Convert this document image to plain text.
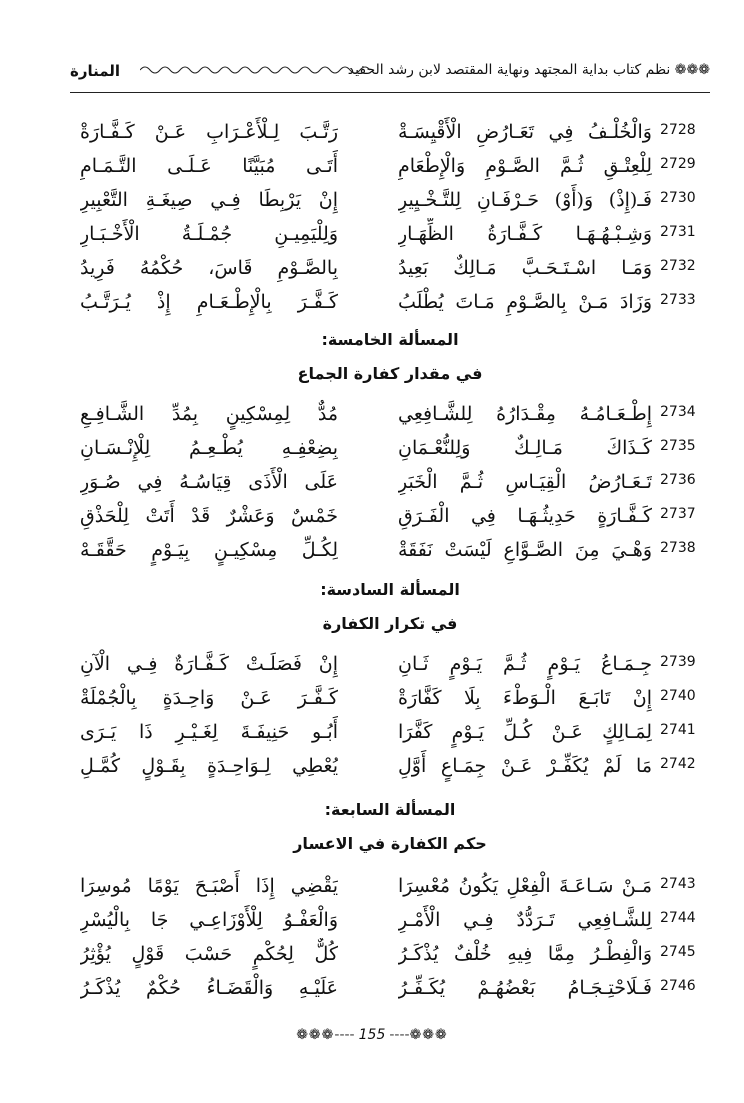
❁❁❁ نظم كتاب بداية المجتهد ونهاية المقتصد لابن رشد الحفيد
المنارة
2728
وَالْخُلْـفُ فِي تَعَـارُضِ الْأَقْيِسَـةْ
رَتَّـبَ لِـلْأَعْـرَابِ عَـنْ كَـفَّـارَةْ
2729
لِلْعِتْـقِ ثُـمَّ الصَّـوْمِ وَالْإِطْعَامِ
أَتَـى مُبَيَّنًا عَـلَـى التَّـمَـامِ
2730
فَـ(إِذْ) وَ(أَوْ) حَـرْفَـانِ لِلتَّـخْـيِيرِ
إِنْ يَرْبِطَا فِـي صِيغَـةِ التَّعْبِيرِ
2731
وَشِـبْـهُـهَـا كَـفَّـارَةُ الظِّهَـارِ
وَلِلْيَمِيـنِ جُمْـلَـةُ الْأَخْـبَـارِ
2732
وَمَـا اسْـتَـحَـبَّ مَـالِكٌ بَعِيدُ
بِالصَّـوْمِ قَاسَ، حُكْمُهُ فَرِيدُ
2733
وَزَادَ مَـنْ بِالصَّـوْمِ مَـاتَ يُطْلَبُ
كَـفَّـرَ بِالْإِطْـعَـامِ إِذْ يُـرَتَّـبُ
المسألة الخامسة:
في مقدار كفارة الجماع
2734
إِطْـعَـامُـهُ مِقْـدَارُهُ لِلشَّـافِعِي
مُدٌّ لِمِسْكِينٍ بِمُدِّ الشَّـافِـعِ
2735
كَـذَاكَ مَـالِـكٌ وَلِلنُّعْـمَانِ
بِضِعْفِـهِ يُطْـعِـمُ لِلْإِنْـسَـانِ
2736
تَـعَـارُضُ الْقِيَـاسِ ثُـمَّ الْخَبَرِ
عَلَى الْأَذَى قِيَاسُـهُ فِي صُـوَرِ
2737
كَـفَّـارَةٍ حَدِيثُـهَـا فِي الْفَـرَقِ
خَمْسٌ وَعَشْرٌ قَدْ أَتَتْ لِلْحَذْقِ
2738
وَهْـيَ مِنَ الصَّـوَّاعِ لَيْسَتْ نَفَقَةْ
لِكُـلِّ مِسْكِيـنٍ بِيَـوْمٍ حَقَّقَـهْ
المسألة السادسة:
في تكرار الكفارة
2739
جِـمَـاعُ يَـوْمٍ ثُـمَّ يَـوْمٍ ثَـانِ
إِنْ فَصَلَـتْ كَـفَّـارَةٌ فِـي الْآنِ
2740
إِنْ تَابَـعَ الْـوَطْءَ بِلَا كَفَّارَةْ
كَـفَّـرَ عَـنْ وَاحِـدَةٍ بِالْجُمْلَةْ
2741
لِمَـالِكٍ عَـنْ كُـلِّ يَـوْمٍ كَفَّرَا
أَبُـو حَنِيفَـةَ لِغَـيْـرِ ذَا يَـرَى
2742
مَا لَمْ يُكَفِّـرْ عَـنْ جِمَـاعٍ أَوَّلِ
يُعْطِي لِـوَاحِـدَةٍ بِقَـوْلٍ كُمَّـلِ
المسألة السابعة:
حكم الكفارة في الاعسار
2743
مَـنْ سَـاعَـةَ الْفِعْلِ يَكُونُ مُعْسِرَا
يَقْضِي إِذَا أَصْبَـحَ يَوْمًا مُوسِرَا
2744
لِلشَّـافِعِي تَـرَدُّدٌ فِـي الْأَمْـرِ
وَالْعَفْـوُ لِلْأَوْزَاعِـي جَا بِالْيُسْرِ
2745
وَالْفِطْـرُ مِمَّا فِيهِ خُلْفٌ يُذْكَـرُ
كُلٌّ لِحُكْمٍ حَسْبَ قَوْلٍ يُؤْثِرُ
2746
فَـلَاحْتِـجَـامُ بَعْضُهُـمْ يُكَـفِّـرُ
عَلَيْـهِ وَالْقَضَـاءُ حُكْمٌ يُذْكَـرُ
❁❁❁---- 155 ----❁❁❁
